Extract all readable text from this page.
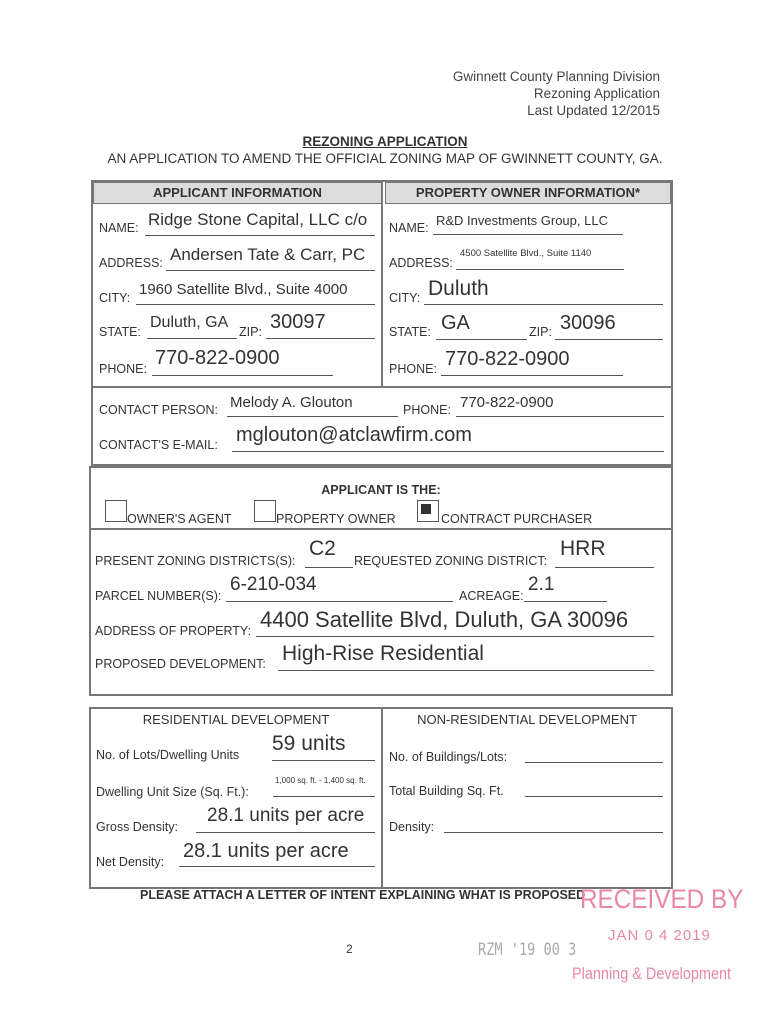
Gwinnett County Planning Division
Rezoning Application
Last Updated 12/2015
REZONING APPLICATION
AN APPLICATION TO AMEND THE OFFICIAL ZONING MAP OF GWINNETT COUNTY, GA.
APPLICANT INFORMATION	PROPERTY OWNER INFORMATION*
NAME: Ridge Stone Capital, LLC c/o
ADDRESS: Andersen Tate & Carr, PC
CITY: 1960 Satellite Blvd., Suite 4000
STATE:
Duluth, GA
ZIP: 30097
PHONE: 770-822-0900
NAME: R&D Investments Group, LLC
ADDRESS:
4500 Satellite Blvd., Suite 1140
CITY: Duluth
STATE: GA	ZIP: 30096
PHONE: 770-822-0900
CONTACT PERSON: Melody A. Glouton	PHONE: 770-822-0900
CONTACT'S E-MAIL: mglouton@atclawfirm.com
APPLICANT IS THE:
OWNER'S AGENT	PROPERTY OWNER	CONTRACT PURCHASER
PRESENT ZONING DISTRICTS(S):
C2
REQUESTED ZONING DISTRICT:
HRR
PARCEL NUMBER(S):
6-210-034
ACREAGE:
2.1
ADDRESS OF PROPERTY: 4400 Satellite Blvd, Duluth, GA 30096
PROPOSED DEVELOPMENT: High-Rise Residential
RESIDENTIAL DEVELOPMENT	NON-RESIDENTIAL DEVELOPMENT
No. of Lots/Dwelling Units 59 units
Dwelling Unit Size (Sq. Ft.):
1,000 sq. ft. - 1,400 sq. ft.
Gross Density:
28.1 units per acre
Net Density: 28.1 units per acre
No. of Buildings/Lots:
Total Building Sq. Ft.
Density:
PLEASE ATTACH A LETTER OF INTENT EXPLAINING WHAT IS PROPOSED
2	RZM '19 00 3
RECEIVED BY
JAN 0 4 2019
Planning & Development
